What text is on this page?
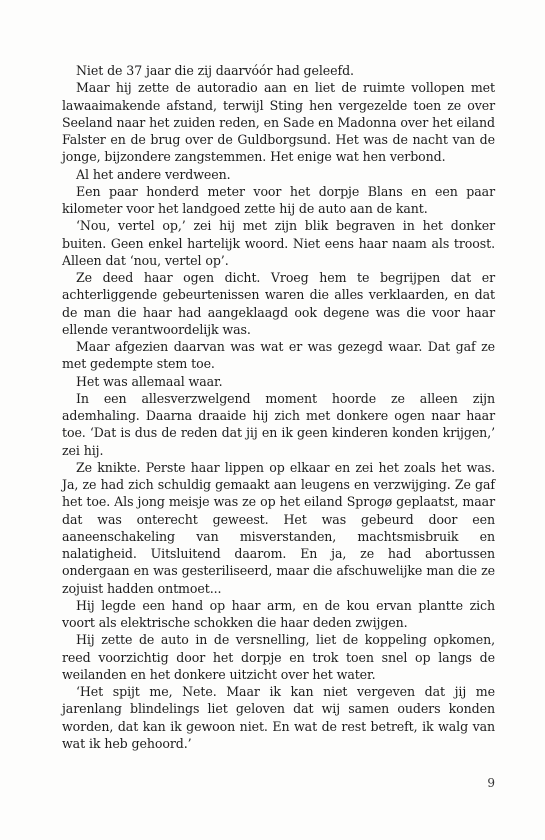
Niet de 37 jaar die zij daarvóór had geleefd.

Maar hij zette de autoradio aan en liet de ruimte vollopen met lawaaimakende afstand, terwijl Sting hen vergezelde toen ze over Seeland naar het zuiden reden, en Sade en Madonna over het eiland Falster en de brug over de Guldborgsund. Het was de nacht van de jonge, bijzondere zangstemmen. Het enige wat hen verbond.

Al het andere verdween.

Een paar honderd meter voor het dorpje Blans en een paar kilometer voor het landgoed zette hij de auto aan de kant.

‘Nou, vertel op,’ zei hij met zijn blik begraven in het donker buiten. Geen enkel hartelijk woord. Niet eens haar naam als troost. Alleen dat ‘nou, vertel op’.

Ze deed haar ogen dicht. Vroeg hem te begrijpen dat er achterliggende gebeurtenissen waren die alles verklaarden, en dat de man die haar had aangeklaagd ook degene was die voor haar ellende verantwoordelijk was.

Maar afgezien daarvan was wat er was gezegd waar. Dat gaf ze met gedempte stem toe.

Het was allemaal waar.

In een allesverzwelgend moment hoorde ze alleen zijn ademhaling. Daarna draaide hij zich met donkere ogen naar haar toe. ‘Dat is dus de reden dat jij en ik geen kinderen konden krijgen,’ zei hij.

Ze knikte. Perste haar lippen op elkaar en zei het zoals het was. Ja, ze had zich schuldig gemaakt aan leugens en verzwijging. Ze gaf het toe. Als jong meisje was ze op het eiland Sprogø geplaatst, maar dat was onterecht geweest. Het was gebeurd door een aaneenschakeling van misverstanden, machtsmisbruik en nalatigheid. Uitsluitend daarom. En ja, ze had abortussen ondergaan en was gesteriliseerd, maar die afschuwelijke man die ze zojuist hadden ontmoet...

Hij legde een hand op haar arm, en de kou ervan plantte zich voort als elektrische schokken die haar deden zwijgen.

Hij zette de auto in de versnelling, liet de koppeling opkomen, reed voorzichtig door het dorpje en trok toen snel op langs de weilanden en het donkere uitzicht over het water.

‘Het spijt me, Nete. Maar ik kan niet vergeven dat jij me jarenlang blindelings liet geloven dat wij samen ouders konden worden, dat kan ik gewoon niet. En wat de rest betreft, ik walg van wat ik heb gehoord.’

9
